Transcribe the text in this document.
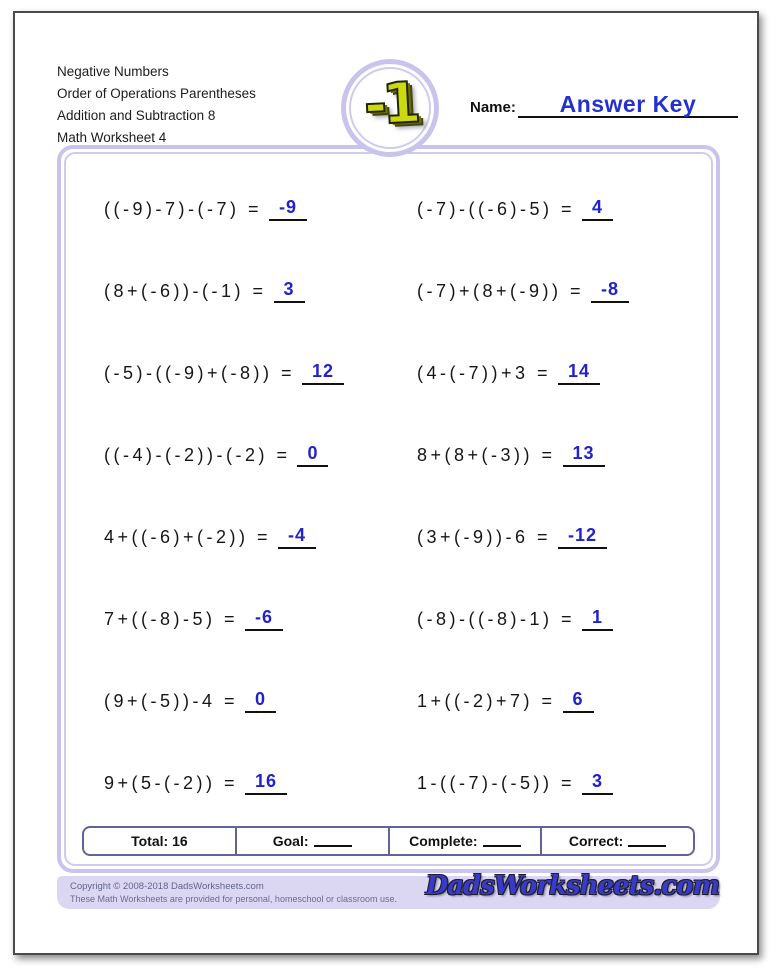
Negative Numbers
Order of Operations Parentheses
Addition and Subtraction 8
Math Worksheet 4	-1	Name:	Answer Key
((-9)-7)-(-7) = -9	(-7)-((-6)-5) = 4
(8+(-6))-(-1) = 3	(-7)+(8+(-9)) = -8
(-5)-((-9)+(-8)) = 12	(4-(-7))+3 = 14
((-4)-(-2))-(-2) = 0	8+(8+(-3)) = 13
4+((-6)+(-2)) = -4	(3+(-9))-6 = -12
7+((-8)-5) = -6	(-8)-((-8)-1) = 1
(9+(-5))-4 = 0	1+((-2)+7) = 6
9+(5-(-2)) = 16	1-((-7)-(-5)) = 3
Total: 16	Goal:	Complete:	Correct:
Copyright © 2008-2018 DadsWorksheets.com
These Math Worksheets are provided for personal, homeschool or classroom use.	DadsWorksheets.com
